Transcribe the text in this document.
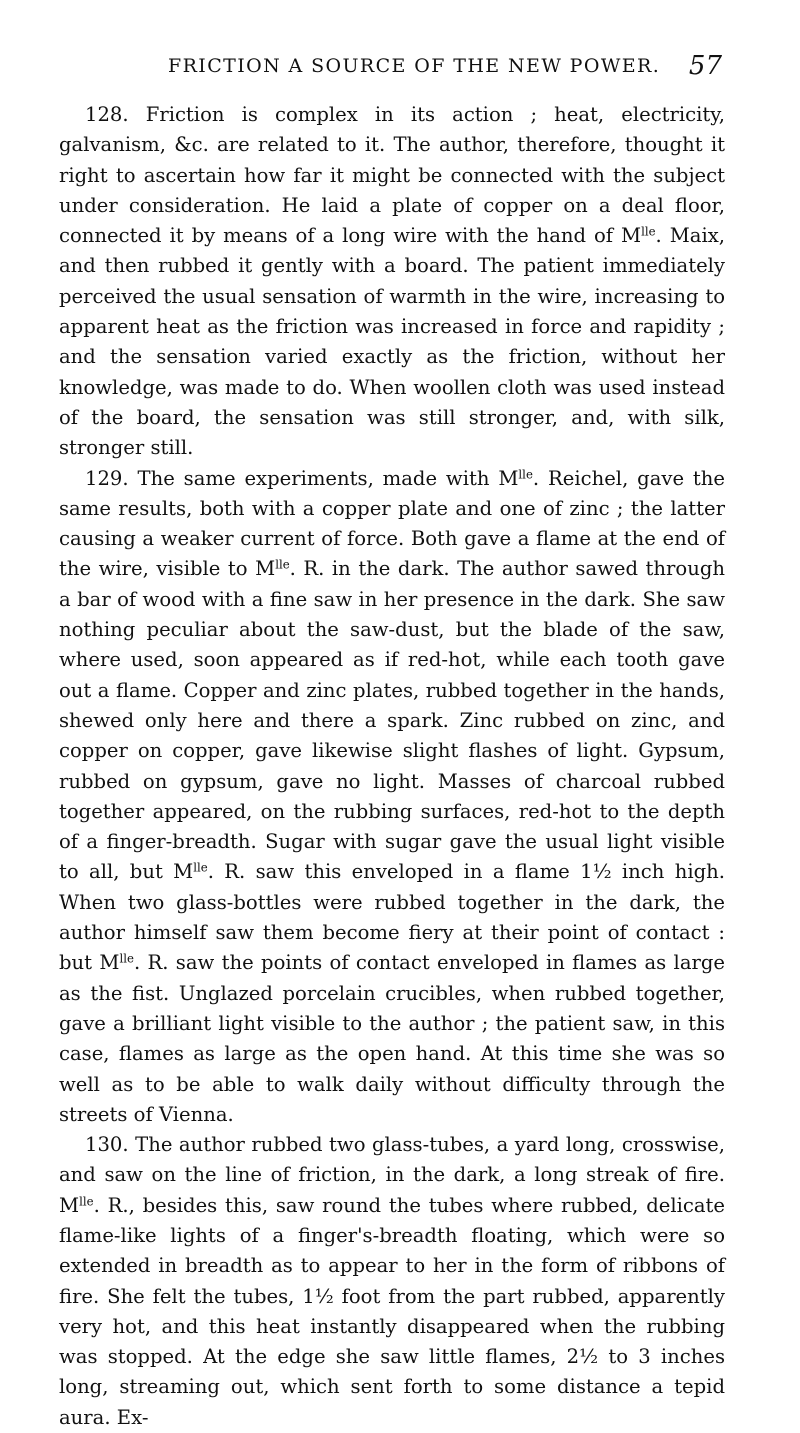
FRICTION A SOURCE OF THE NEW POWER. 57

128. Friction is complex in its action ; heat, electricity, galvanism, &c. are related to it. The author, therefore, thought it right to ascertain how far it might be connected with the subject under consideration. He laid a plate of copper on a deal floor, connected it by means of a long wire with the hand of $M^{lle}$. Maix, and then rubbed it gently with a board. The patient immediately perceived the usual sensation of warmth in the wire, increasing to apparent heat as the friction was increased in force and rapidity ; and the sensation varied exactly as the friction, without her knowledge, was made to do. When woollen cloth was used instead of the board, the sensation was still stronger, and, with silk, stronger still.

129. The same experiments, made with $M^{lle}$. Reichel, gave the same results, both with a copper plate and one of zinc ; the latter causing a weaker current of force. Both gave a flame at the end of the wire, visible to $M^{lle}$. R. in the dark. The author sawed through a bar of wood with a fine saw in her presence in the dark. She saw nothing peculiar about the saw-dust, but the blade of the saw, where used, soon appeared as if red-hot, while each tooth gave out a flame. Copper and zinc plates, rubbed together in the hands, shewed only here and there a spark. Zinc rubbed on zinc, and copper on copper, gave likewise slight flashes of light. Gypsum, rubbed on gypsum, gave no light. Masses of charcoal rubbed together appeared, on the rubbing surfaces, red-hot to the depth of a finger-breadth. Sugar with sugar gave the usual light visible to all, but $M^{lle}$. R. saw this enveloped in a flame 1½ inch high. When two glass-bottles were rubbed together in the dark, the author himself saw them become fiery at their point of contact : but $M^{lle}$. R. saw the points of contact enveloped in flames as large as the fist. Unglazed porcelain crucibles, when rubbed together, gave a brilliant light visible to the author ; the patient saw, in this case, flames as large as the open hand. At this time she was so well as to be able to walk daily without difficulty through the streets of Vienna.

130. The author rubbed two glass-tubes, a yard long, crosswise, and saw on the line of friction, in the dark, a long streak of fire. $M^{lle}$. R., besides this, saw round the tubes where rubbed, delicate flame-like lights of a finger's-breadth floating, which were so extended in breadth as to appear to her in the form of ribbons of fire. She felt the tubes, 1½ foot from the part rubbed, apparently very hot, and this heat instantly disappeared when the rubbing was stopped. At the edge she saw little flames, 2½ to 3 inches long, streaming out, which sent forth to some distance a tepid aura. Ex-
